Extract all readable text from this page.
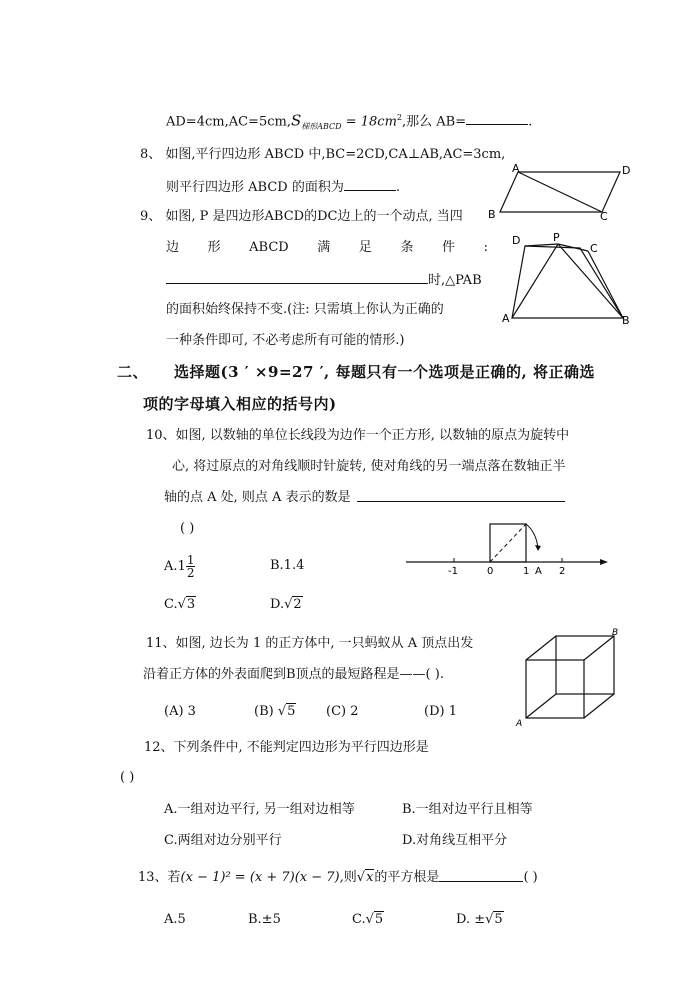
$AD=4cm,AC=5cm,S_{梯形ABCD} = 18cm^2$,那么 AB=	.
8、 如图,平行四边形 ABCD 中,BC=2CD,CA⊥AB,AC=3cm,
则平行四边形 ABCD 的面积为	.
A	D
B	C
9、 如图, P 是四边形ABCD的DC边上的一个动点, 当四
边 形 ABCD 满 足 条 件 :
时,△PAB
的面积始终保持不变.(注: 只需填上你认为正确的
一种条件即可, 不必考虑所有可能的情形.)
D	P
C
A	B
二、 选择题(3 ′ ×9=27 ′, 每题只有一个选项是正确的, 将正确选
项的字母填入相应的括号内)
10、如图, 以数轴的单位长线段为边作一个正方形, 以数轴的原点为旋转中
心, 将过原点的对角线顺时针旋转, 使对角线的另一端点落在数轴正半
轴的点 A 处, 则点 A 表示的数是
( )
$A.1 \frac{1}{2}$	B.1.4
C.√3	D.√2
-1	0	1 A 2
11、如图, 边长为 1 的正方体中, 一只蚂蚁从 A 顶点出发
沿着正方体的外表面爬到B顶点的最短路程是——( ).
(A) 3	(B) √5 (C) 2	(D) 1
A
B
12、下列条件中, 不能判定四边形为平行四边形是
( )
A.一组对边平行, 另一组对边相等	B.一组对边平行且相等
C.两组对边分别平行	D.对角线互相平分
13、若(x − 1)² = (x + 7)(x − 7),则√x的平方根是	( )
A.5	B.±5	C.√5	D. ±√5
